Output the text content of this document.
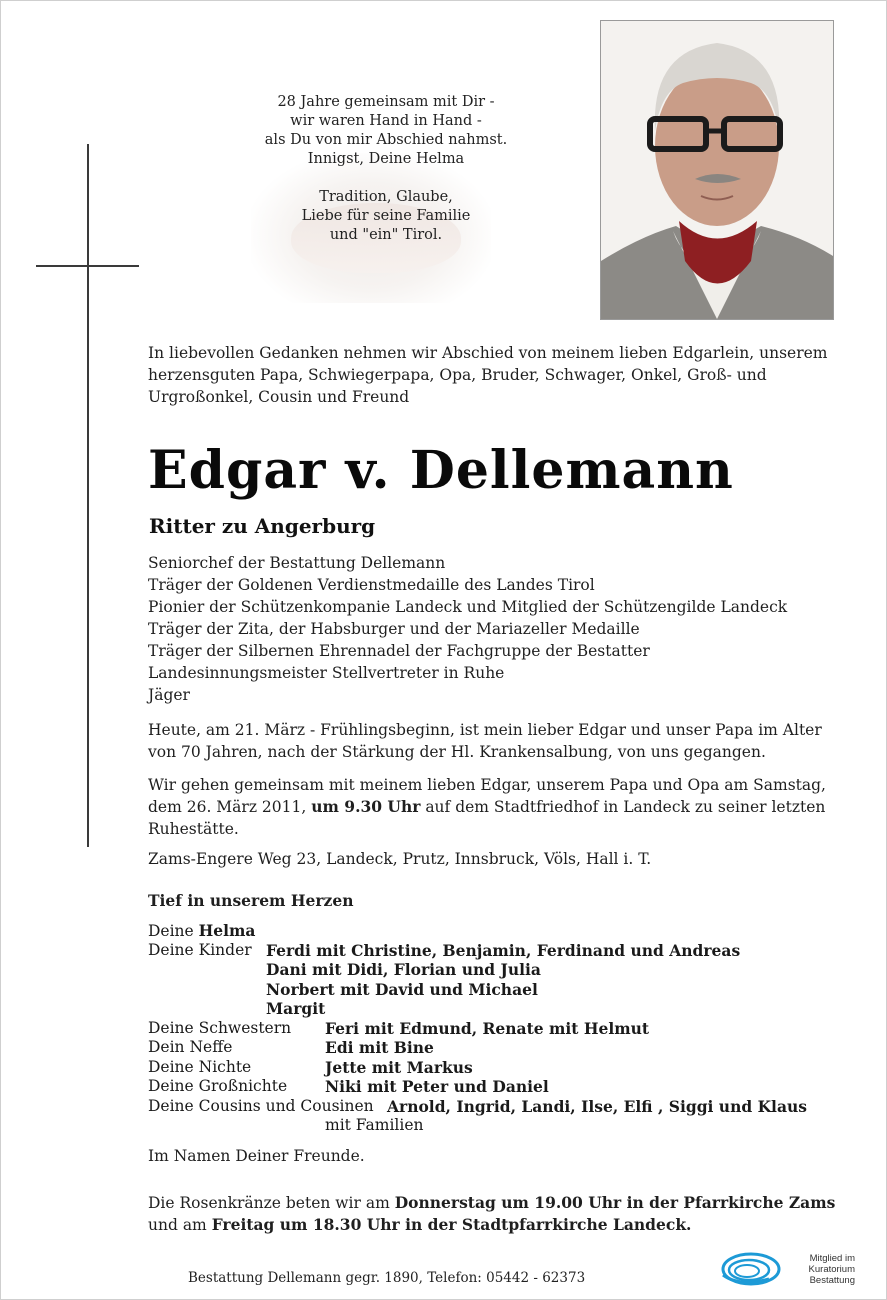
28 Jahre gemeinsam mit Dir -
wir waren Hand in Hand -
als Du von mir Abschied nahmst.
Innigst, Deine Helma
Tradition, Glaube,
Liebe für seine Familie
und "ein" Tirol.
In liebevollen Gedanken nehmen wir Abschied von meinem lieben Edgarlein, unserem
herzensguten Papa, Schwiegerpapa, Opa, Bruder, Schwager, Onkel, Groß- und
Urgroßonkel, Cousin und Freund
Edgar v. Dellemann
Ritter zu Angerburg
Seniorchef der Bestattung Dellemann
Träger der Goldenen Verdienstmedaille des Landes Tirol
Pionier der Schützenkompanie Landeck und Mitglied der Schützengilde Landeck
Träger der Zita, der Habsburger und der Mariazeller Medaille
Träger der Silbernen Ehrennadel der Fachgruppe der Bestatter
Landesinnungsmeister Stellvertreter in Ruhe
Jäger
Heute, am 21. März - Frühlingsbeginn, ist mein lieber Edgar und unser Papa im Alter
von 70 Jahren, nach der Stärkung der Hl. Krankensalbung, von uns gegangen.
Wir gehen gemeinsam mit meinem lieben Edgar, unserem Papa und Opa am Samstag,
dem 26. März 2011, um 9.30 Uhr auf dem Stadtfriedhof in Landeck zu seiner letzten
Ruhestätte.
Zams-Engere Weg 23, Landeck, Prutz, Innsbruck, Völs, Hall i. T.
Tief in unserem Herzen
Deine Helma
Deine Kinder Ferdi mit Christine, Benjamin, Ferdinand und Andreas
Dani mit Didi, Florian und Julia
Norbert mit David und Michael
Margit
Deine Schwestern Feri mit Edmund, Renate mit Helmut
Dein Neffe	Edi mit Bine
Deine Nichte	Jette mit Markus
Deine Großnichte Niki mit Peter und Daniel
Deine Cousins und Cousinen Arnold, Ingrid, Landi, Ilse, Elfi , Siggi und Klaus
mit Familien
Im Namen Deiner Freunde.
Die Rosenkränze beten wir am Donnerstag um 19.00 Uhr in der Pfarrkirche Zams
und am Freitag um 18.30 Uhr in der Stadtpfarrkirche Landeck.
Bestattung Dellemann gegr. 1890, Telefon: 05442 - 62373
Mitglied im
Kuratorium Bestattung
